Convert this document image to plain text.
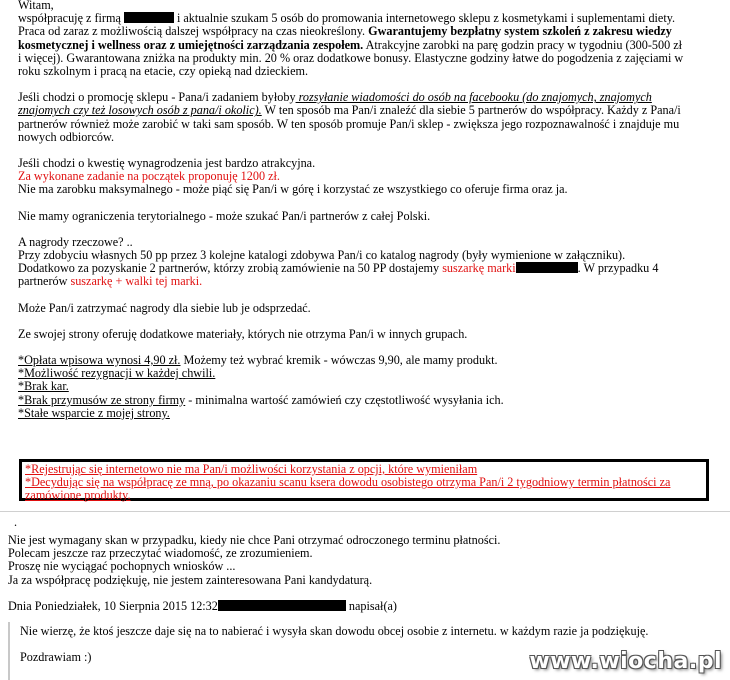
Witam,
współpracuję z firmą	i aktualnie szukam 5 osób do promowania internetowego sklepu z kosmetykami i suplementami diety.
Praca od zaraz z możliwością dalszej współpracy na czas nieokreślony. Gwarantujemy bezpłatny system szkoleń z zakresu wiedzy
kosmetycznej i wellness oraz z umiejętności zarządzania zespołem. Atrakcyjne zarobki na parę godzin pracy w tygodniu (300-500 zł
i więcej). Gwarantowana zniżka na produkty min. 20 % oraz dodatkowe bonusy. Elastyczne godziny łatwe do pogodzenia z zajęciami w
roku szkolnym i pracą na etacie, czy opieką nad dzieckiem.
Jeśli chodzi o promocję sklepu - Pana/i zadaniem byłoby rozsyłanie wiadomości do osób na facebooku (do znajomych, znajomych
znajomych czy też losowych osób z pana/i okolic). W ten sposób ma Pan/i znaleźć dla siebie 5 partnerów do współpracy. Każdy z Pana/i
partnerów również może zarobić w taki sam sposób. W ten sposób promuje Pan/i sklep - zwiększa jego rozpoznawalność i znajduje mu
nowych odbiorców.
Jeśli chodzi o kwestię wynagrodzenia jest bardzo atrakcyjna.
Za wykonane zadanie na początek proponuję 1200 zł.
Nie ma zarobku maksymalnego - może piąć się Pan/i w górę i korzystać ze wszystkiego co oferuje firma oraz ja.
Nie mamy ograniczenia terytorialnego - może szukać Pan/i partnerów z całej Polski.
A nagrody rzeczowe? ..
Przy zdobyciu własnych 50 pp przez 3 kolejne katalogi zdobywa Pan/i co katalog nagrody (były wymienione w załączniku).
Dodatkowo za pozyskanie 2 partnerów, którzy zrobią zamówienie na 50 PP dostajemy suszarkę marki	. W przypadku 4
partnerów suszarkę + walki tej marki.
Może Pan/i zatrzymać nagrody dla siebie lub je odsprzedać.
Ze swojej strony oferuję dodatkowe materiały, których nie otrzyma Pan/i w innych grupach.
*Opłata wpisowa wynosi 4,90 zł. Możemy też wybrać kremik - wówczas 9,90, ale mamy produkt.
*Możliwość rezygnacji w każdej chwili.
*Brak kar.
*Brak przymusów ze strony firmy - minimalna wartość zamówień czy częstotliwość wysyłania ich.
*Stałe wsparcie z mojej strony.
*Rejestrując się internetowo nie ma Pan/i możliwości korzystania z opcji, które wymieniłam
*Decydując się na współpracę ze mną, po okazaniu scanu ksera dowodu osobistego otrzyma Pan/i 2 tygodniowy termin płatności za
zamówione produkty.
.
Nie jest wymagany skan w przypadku, kiedy nie chce Pani otrzymać odroczonego terminu płatności.
Polecam jeszcze raz przeczytać wiadomość, ze zrozumieniem.
Proszę nie wyciągać pochopnych wniosków ...
Ja za współpracę podziękuję, nie jestem zainteresowana Pani kandydaturą.
Dnia Poniedziałek, 10 Sierpnia 2015 12:32	napisał(a)
Nie wierzę, że ktoś jeszcze daje się na to nabierać i wysyła skan dowodu obcej osobie z internetu. w każdym razie ja podziękuję.
Pozdrawiam :)	www.wiocha.pl
